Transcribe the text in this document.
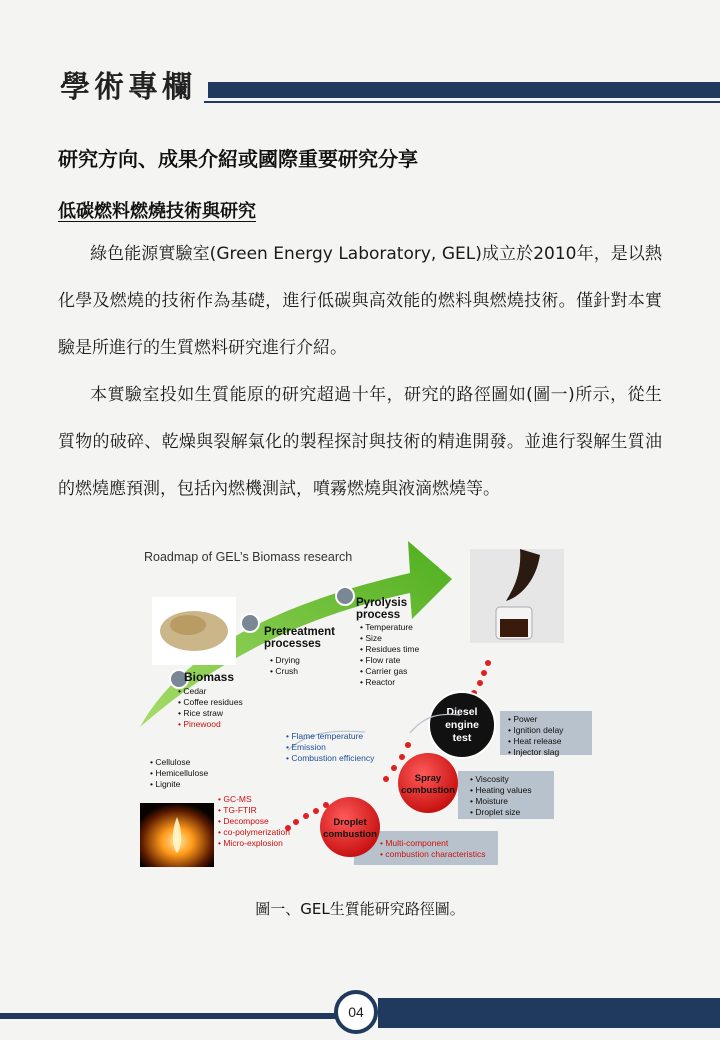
學術專欄
研究方向、成果介紹或國際重要研究分享
低碳燃料燃燒技術與研究
綠色能源實驗室(Green Energy Laboratory, GEL)成立於2010年，是以熱化學及燃燒的技術作為基礎，進行低碳與高效能的燃料與燃燒技術。僅針對本實驗是所進行的生質燃料研究進行介紹。
本實驗室投如生質能原的研究超過十年，研究的路徑圖如(圖一)所示，從生質物的破碎、乾燥與裂解氣化的製程探討與技術的精進開發。並進行裂解生質油的燃燒應預測，包括內燃機測試，噴霧燃燒與液滴燃燒等。
Roadmap of GEL’s Biomass research
Biomass
• Cedar
• Coffee residues
• Rice straw
• Pinewood
Pretreatment
processes
• Drying
• Crush
Pyrolysis
process
• Temperature
• Size
• Residues time
• Flow rate
• Carrier gas
• Reactor
• Power
• Ignition delay
• Heat release
• Injector slag
Diesel
engine
test
• Viscosity
• Heating values
• Moisture
• Droplet size
Spray
combustion
• Multi-component
• combustion characteristics
Droplet
combustion
• Flame temperature
• Emission
• Combustion efficiency
• Cellulose
• Hemicellulose
• Lignite
• GC-MS
• TG-FTIR
• Decompose
• co-polymerization
• Micro-explosion
圖一、GEL生質能研究路徑圖。
04
